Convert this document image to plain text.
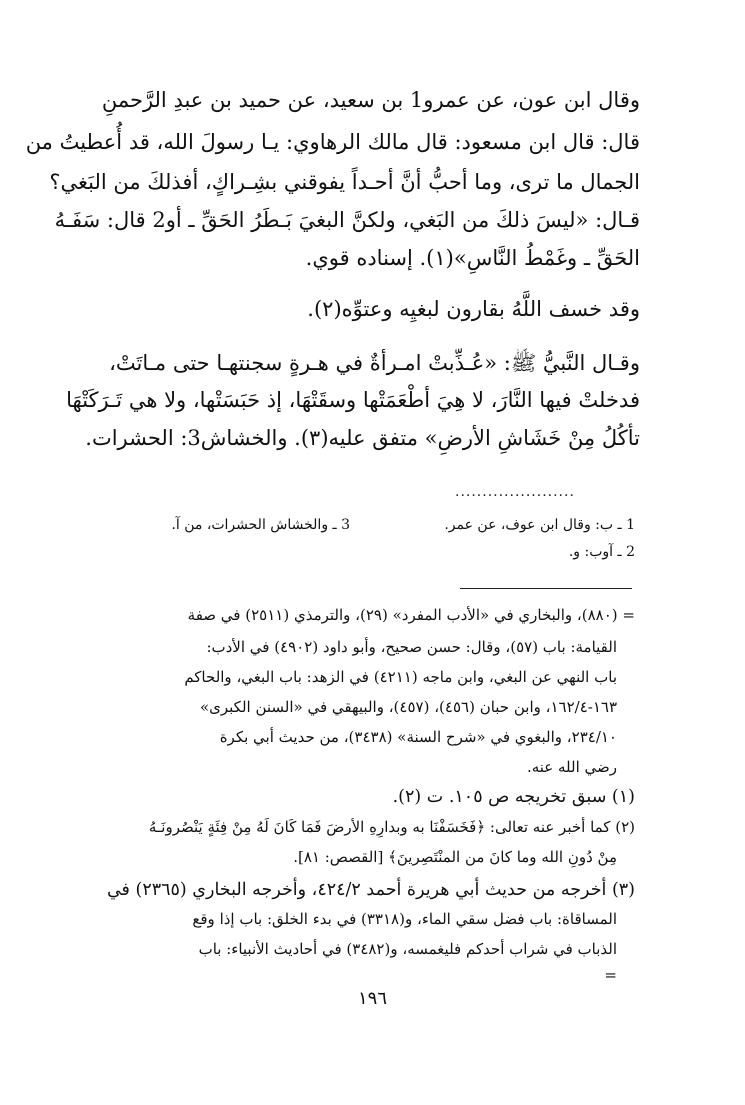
وقال ابن عون، عن عمرو1 بن سعيد، عن حميد بن عبدِ الرَّحمنِ
قال: قال ابن مسعود: قال مالك الرهاوي: يـا رسولَ الله، قد أُعطيتُ من
الجمال ما ترى، وما أحبُّ أنَّ أحـداً يفوقني بشِـراكٍ، أفذلكَ من البَغي؟
قـال: «ليسَ ذلكَ من البَغي، ولكنَّ البغيَ بَـطَرُ الحَقِّ ـ أو2 قال: سَفَـهُ
الحَقِّ ـ وغَمْطُ النَّاسِ»(١). إسناده قوي.
وقد خسف اللَّهُ بقارون لبغيِه وعتوِّه(٢).
وقـال النَّبيُّ ﷺ: «عُـذِّبتْ امـرأةٌ في هـرةٍ سجنتهـا حتى مـاتَتْ،
فدخلتْ فيها النَّارَ، لا هِيَ أطْعَمَتْها وسقَتْهَا، إذ حَبَسَتْها، ولا هي تَـرَكَتْهَا
تأكُلُ مِنْ خَشَاشِ الأرضِ» متفق عليه(٣). والخشاش3: الحشرات.
......................
1 ـ ب: وقال ابن عوف، عن عمر.
3 ـ والخشاش الحشرات، من آ.
2 ـ آوب: و.
= (٨٨٠)، والبخاري في «الأدب المفرد» (٢٩)، والترمذي (٢٥١١) في صفة
القيامة: باب (٥٧)، وقال: حسن صحيح، وأبو داود (٤٩٠٢) في الأدب:
باب النهي عن البغي، وابن ماجه (٤٢١١) في الزهد: باب البغي، والحاكم
١٦٣-١٦٢/٤، وابن حبان (٤٥٦)، (٤٥٧)، والبيهقي في «السنن الكبرى»
٢٣٤/١٠، والبغوي في «شرح السنة» (٣٤٣٨)، من حديث أبي بكرة
رضي الله عنه.
(١) سبق تخريجه ص ١٠٥. ت (٢).
(٢) كما أخبر عنه تعالى: ﴿فَخَسَفْنَا به وبدارِهِ الأرضَ فَمَا كَانَ لَهُ مِنْ فِئَةٍ يَنْصُرونَـهُ
مِنْ دُونِ الله وما كانَ من المنْتَصِرينَ﴾ [القصص: ٨١].
(٣) أخرجه من حديث أبي هريرة أحمد ٤٢٤/٢، وأخرجه البخاري (٢٣٦٥) في
المساقاة: باب فضل سقي الماء، و(٣٣١٨) في بدء الخلق: باب إذا وقع
الذباب في شراب أحدكم فليغمسه، و(٣٤٨٢) في أحاديث الأنبياء: باب
=
١٩٦
